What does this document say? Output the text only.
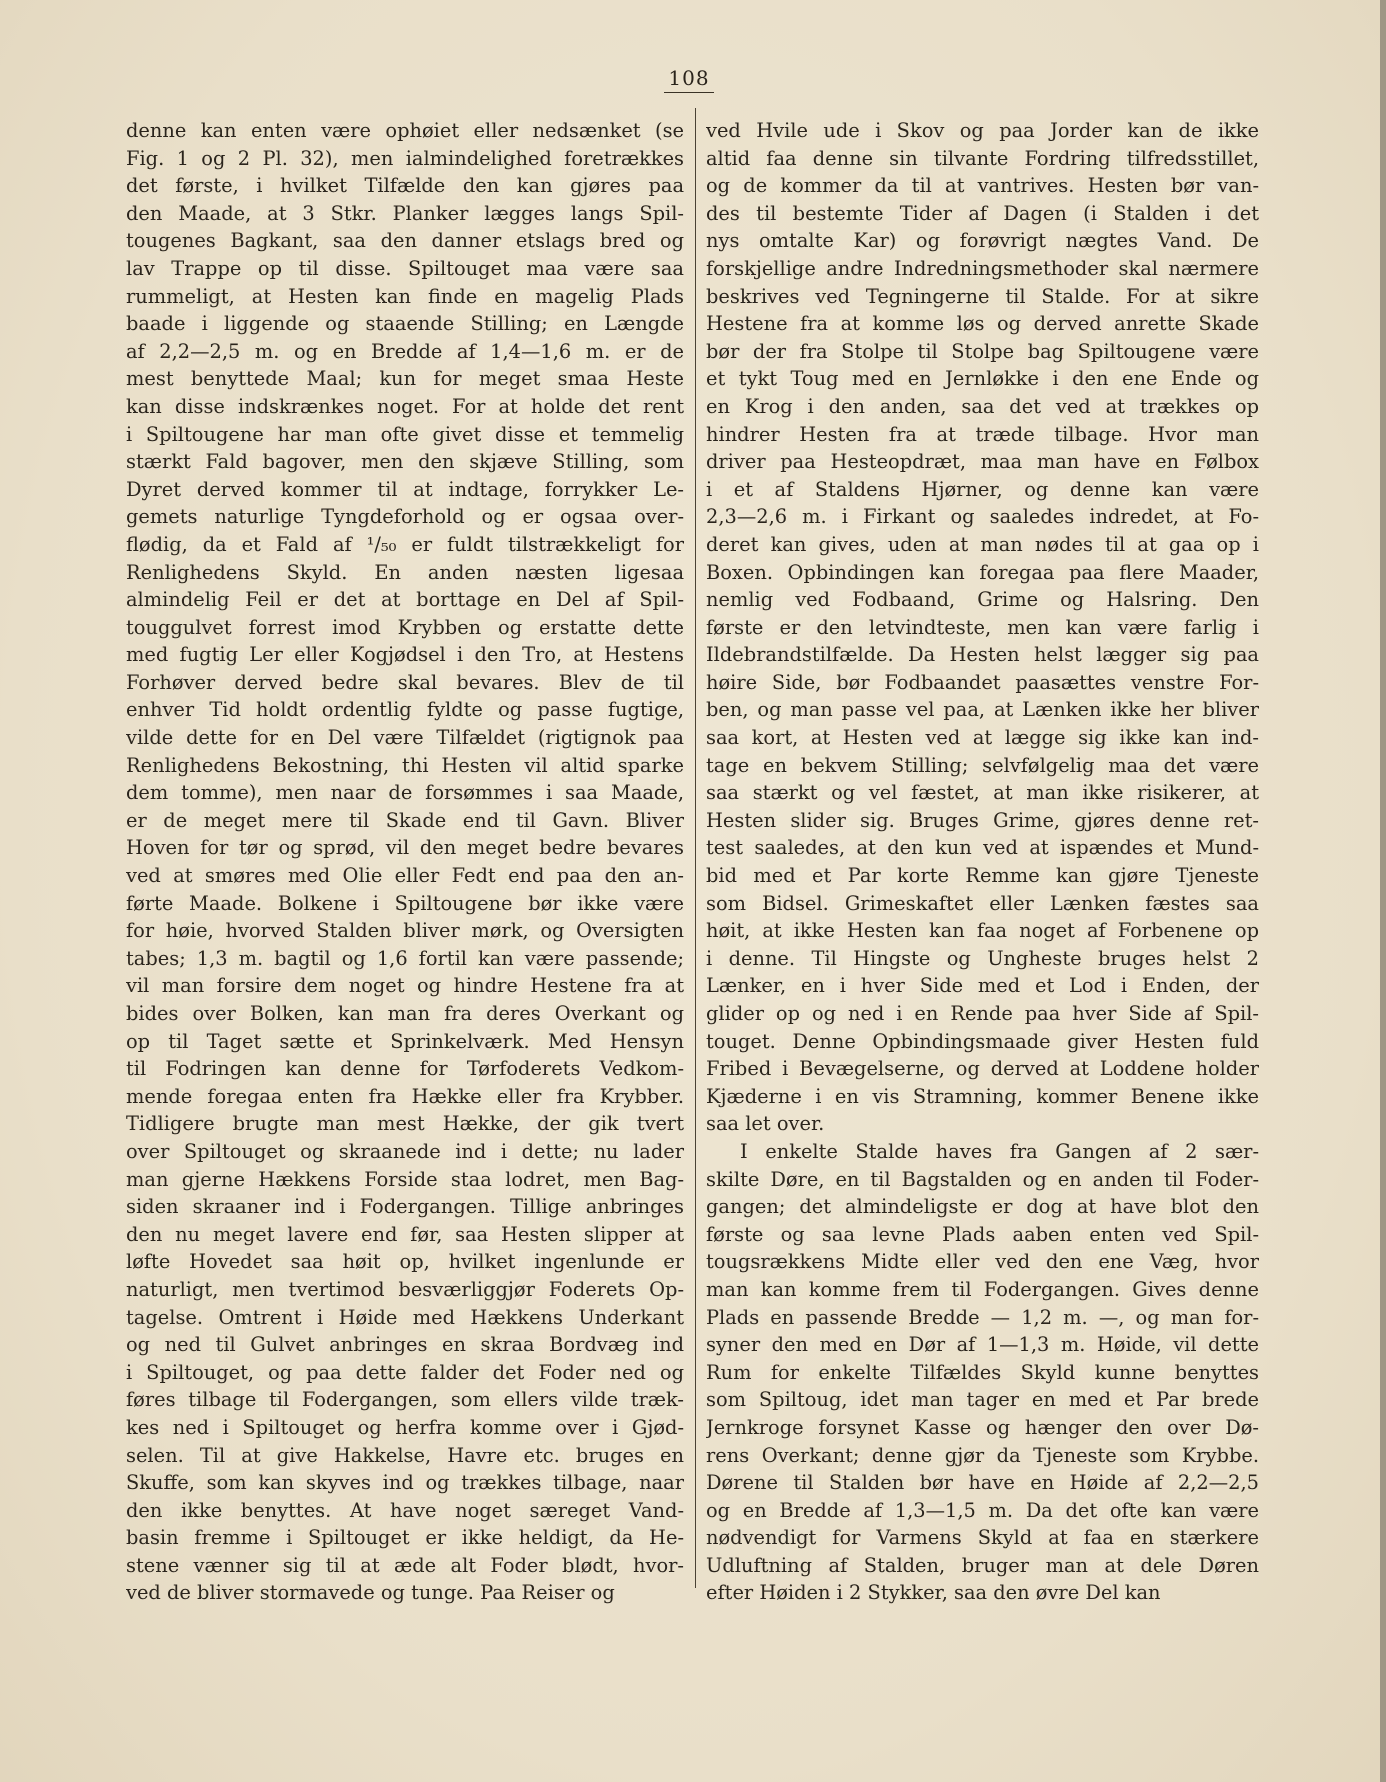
108
denne kan enten være ophøiet eller nedsænket (se
Fig. 1 og 2 Pl. 32), men ialmindelighed foretrækkes
det første, i hvilket Tilfælde den kan gjøres paa
den Maade, at 3 Stkr. Planker lægges langs Spil-
tougenes Bagkant, saa den danner etslags bred og
lav Trappe op til disse. Spiltouget maa være saa
rummeligt, at Hesten kan finde en magelig Plads
baade i liggende og staaende Stilling; en Længde
af 2,2—2,5 m. og en Bredde af 1,4—1,6 m. er de
mest benyttede Maal; kun for meget smaa Heste
kan disse indskrænkes noget. For at holde det rent
i Spiltougene har man ofte givet disse et temmelig
stærkt Fald bagover, men den skjæve Stilling, som
Dyret derved kommer til at indtage, forrykker Le-
gemets naturlige Tyngdeforhold og er ogsaa over-
flødig, da et Fald af ¹/₅₀ er fuldt tilstrækkeligt for
Renlighedens Skyld. En anden næsten ligesaa
almindelig Feil er det at borttage en Del af Spil-
touggulvet forrest imod Krybben og erstatte dette
med fugtig Ler eller Kogjødsel i den Tro, at Hestens
Forhøver derved bedre skal bevares. Blev de til
enhver Tid holdt ordentlig fyldte og passe fugtige,
vilde dette for en Del være Tilfældet (rigtignok paa
Renlighedens Bekostning, thi Hesten vil altid sparke
dem tomme), men naar de forsømmes i saa Maade,
er de meget mere til Skade end til Gavn. Bliver
Hoven for tør og sprød, vil den meget bedre bevares
ved at smøres med Olie eller Fedt end paa den an-
førte Maade. Bolkene i Spiltougene bør ikke være
for høie, hvorved Stalden bliver mørk, og Oversigten
tabes; 1,3 m. bagtil og 1,6 fortil kan være passende;
vil man forsire dem noget og hindre Hestene fra at
bides over Bolken, kan man fra deres Overkant og
op til Taget sætte et Sprinkelværk. Med Hensyn
til Fodringen kan denne for Tørfoderets Vedkom-
mende foregaa enten fra Hække eller fra Krybber.
Tidligere brugte man mest Hække, der gik tvert
over Spiltouget og skraanede ind i dette; nu lader
man gjerne Hækkens Forside staa lodret, men Bag-
siden skraaner ind i Fodergangen. Tillige anbringes
den nu meget lavere end før, saa Hesten slipper at
løfte Hovedet saa høit op, hvilket ingenlunde er
naturligt, men tvertimod besværliggjør Foderets Op-
tagelse. Omtrent i Høide med Hækkens Underkant
og ned til Gulvet anbringes en skraa Bordvæg ind
i Spiltouget, og paa dette falder det Foder ned og
føres tilbage til Fodergangen, som ellers vilde træk-
kes ned i Spiltouget og herfra komme over i Gjød-
selen. Til at give Hakkelse, Havre etc. bruges en
Skuffe, som kan skyves ind og trækkes tilbage, naar
den ikke benyttes. At have noget særeget Vand-
basin fremme i Spiltouget er ikke heldigt, da He-
stene vænner sig til at æde alt Foder blødt, hvor-
ved de bliver stormavede og tunge. Paa Reiser og
ved Hvile ude i Skov og paa Jorder kan de ikke
altid faa denne sin tilvante Fordring tilfredsstillet,
og de kommer da til at vantrives. Hesten bør van-
des til bestemte Tider af Dagen (i Stalden i det
nys omtalte Kar) og forøvrigt nægtes Vand. De
forskjellige andre Indredningsmethoder skal nærmere
beskrives ved Tegningerne til Stalde. For at sikre
Hestene fra at komme løs og derved anrette Skade
bør der fra Stolpe til Stolpe bag Spiltougene være
et tykt Toug med en Jernløkke i den ene Ende og
en Krog i den anden, saa det ved at trækkes op
hindrer Hesten fra at træde tilbage. Hvor man
driver paa Hesteopdræt, maa man have en Følbox
i et af Staldens Hjørner, og denne kan være
2,3—2,6 m. i Firkant og saaledes indredet, at Fo-
deret kan gives, uden at man nødes til at gaa op i
Boxen. Opbindingen kan foregaa paa flere Maader,
nemlig ved Fodbaand, Grime og Halsring. Den
første er den letvindteste, men kan være farlig i
Ildebrandstilfælde. Da Hesten helst lægger sig paa
høire Side, bør Fodbaandet paasættes venstre For-
ben, og man passe vel paa, at Lænken ikke her bliver
saa kort, at Hesten ved at lægge sig ikke kan ind-
tage en bekvem Stilling; selvfølgelig maa det være
saa stærkt og vel fæstet, at man ikke risikerer, at
Hesten slider sig. Bruges Grime, gjøres denne ret-
test saaledes, at den kun ved at ispændes et Mund-
bid med et Par korte Remme kan gjøre Tjeneste
som Bidsel. Grimeskaftet eller Lænken fæstes saa
høit, at ikke Hesten kan faa noget af Forbenene op
i denne. Til Hingste og Ungheste bruges helst 2
Lænker, en i hver Side med et Lod i Enden, der
glider op og ned i en Rende paa hver Side af Spil-
touget. Denne Opbindingsmaade giver Hesten fuld
Fribed i Bevægelserne, og derved at Loddene holder
Kjæderne i en vis Stramning, kommer Benene ikke
saa let over.
I enkelte Stalde haves fra Gangen af 2 sær-
skilte Døre, en til Bagstalden og en anden til Foder-
gangen; det almindeligste er dog at have blot den
første og saa levne Plads aaben enten ved Spil-
tougsrækkens Midte eller ved den ene Væg, hvor
man kan komme frem til Fodergangen. Gives denne
Plads en passende Bredde — 1,2 m. —, og man for-
syner den med en Dør af 1—1,3 m. Høide, vil dette
Rum for enkelte Tilfældes Skyld kunne benyttes
som Spiltoug, idet man tager en med et Par brede
Jernkroge forsynet Kasse og hænger den over Dø-
rens Overkant; denne gjør da Tjeneste som Krybbe.
Dørene til Stalden bør have en Høide af 2,2—2,5
og en Bredde af 1,3—1,5 m. Da det ofte kan være
nødvendigt for Varmens Skyld at faa en stærkere
Udluftning af Stalden, bruger man at dele Døren
efter Høiden i 2 Stykker, saa den øvre Del kan
